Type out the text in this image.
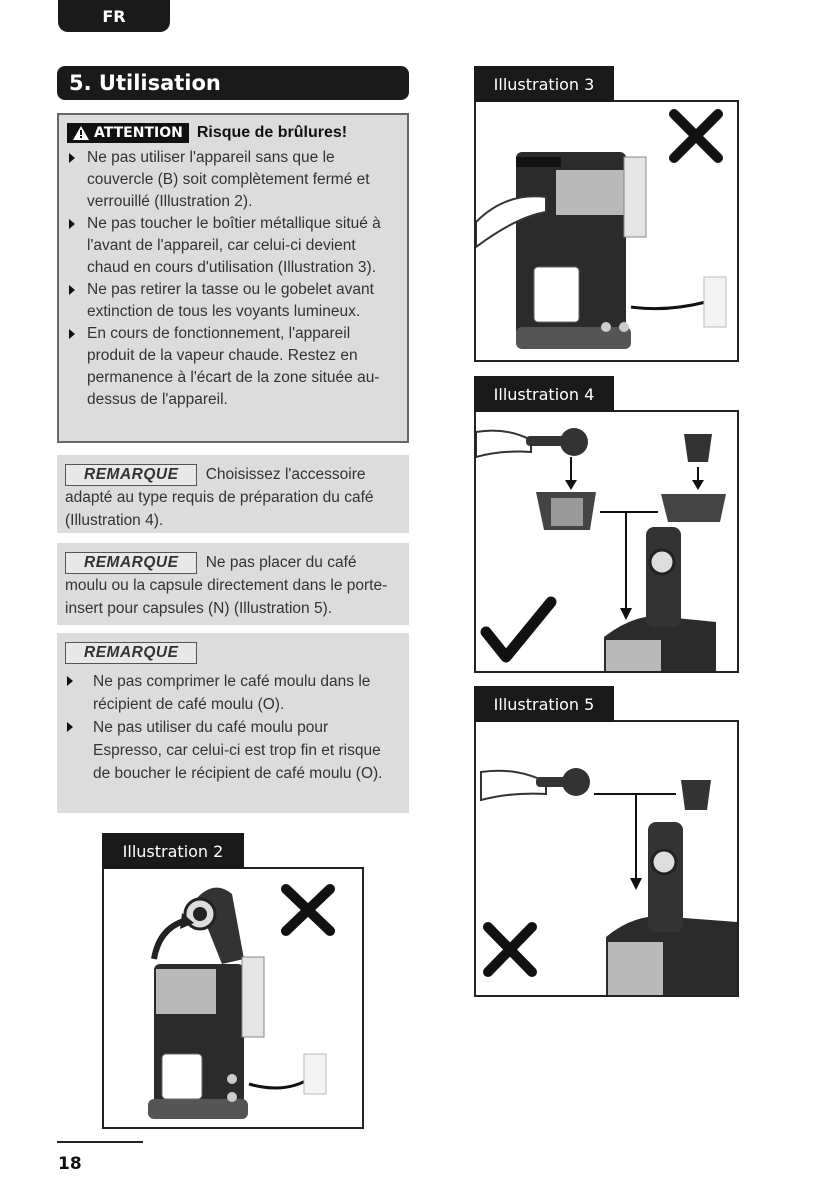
FR
5. Utilisation
ATTENTION Risque de brûlures!
Ne pas utiliser l'appareil sans que le couvercle (B) soit complètement fermé et verrouillé (Illustration 2).
Ne pas toucher le boîtier métallique situé à l'avant de l'appareil, car celui-ci devient chaud en cours d'utilisation (Illustration 3).
Ne pas retirer la tasse ou le gobelet avant extinction de tous les voyants lumineux.
En cours de fonctionnement, l'appareil produit de la vapeur chaude. Restez en permanence à l'écart de la zone située au-dessus de l'appareil.
REMARQUE Choisissez l'accessoire adapté au type requis de préparation du café (Illustration 4).
REMARQUE Ne pas placer du café moulu ou la capsule directement dans le porte-insert pour capsules (N) (Illustration 5).
REMARQUE
Ne pas comprimer le café moulu dans le récipient de café moulu (O).
Ne pas utiliser du café moulu pour Espresso, car celui-ci est trop fin et risque de boucher le récipient de café moulu (O).
Illustration 2
Illustration 3
Illustration 4
Illustration 5
18
